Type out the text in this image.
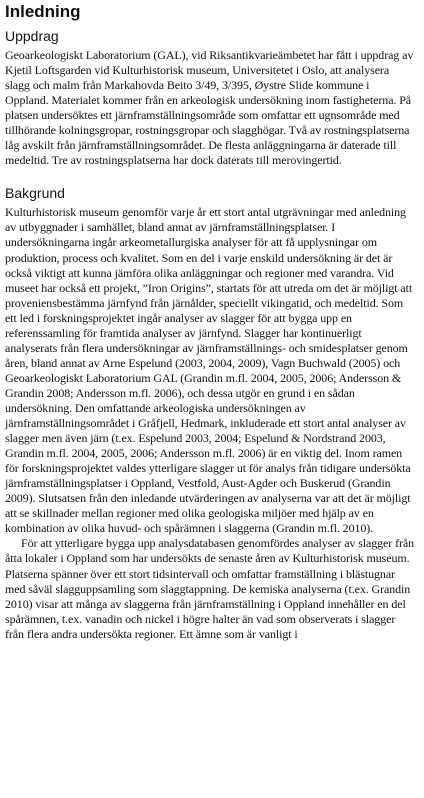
Inledning
Uppdrag

Geoarkeologiskt Laboratorium (GAL), vid Riksantikvarieämbetet har fått i uppdrag av Kjetil Loftsgarden vid Kulturhistorisk museum, Universitetet i Oslo, att analysera slagg och malm från Markahovda Beito 3/49, 3/395, Øystre Slide kommune i Oppland. Materialet kommer från en arkeologisk undersökning inom fastigheterna. På platsen undersöktes ett järnframställningsområde som omfattar ett ugnsområde med tillhörande kolningsgropar, rostningsgropar och slagghögar. Två av rostningsplatserna låg avskilt från järnframställningsområdet. De flesta anläggningarna är daterade till medeltid. Tre av rostningsplatserna har dock daterats till merovingertid.

Bakgrund

Kulturhistorisk museum genomför varje år ett stort antal utgrävningar med anledning av utbyggnader i samhället, bland annat av järnframställningsplatser. I undersökningarna ingår arkeometallurgiska analyser för att få upplysningar om produktion, process och kvalitet. Som en del i varje enskild undersökning är det är också viktigt att kunna jämföra olika anläggningar och regioner med varandra. Vid museet har också ett projekt, ”Iron Origins”, startats för att utreda om det är möjligt att proveniensbestämma järnfynd från järnålder, speciellt vikingatid, och medeltid. Som ett led i forskningsprojektet ingår analyser av slagger för att bygga upp en referenssamling för framtida analyser av järnfynd. Slagger har kontinuerligt analyserats från flera undersökningar av järnframställnings- och smidesplatser genom åren, bland annat av Arne Espelund (2003, 2004, 2009), Vagn Buchwald (2005) och Geoarkeologiskt Laboratorium GAL (Grandin m.fl. 2004, 2005, 2006; Andersson & Grandin 2008; Andersson m.fl. 2006), och dessa utgör en grund i en sådan undersökning. Den omfattande arkeologiska undersökningen av järnframställningsområdet i Gråfjell, Hedmark, inkluderade ett stort antal analyser av slagger men även järn (t.ex. Espelund 2003, 2004; Espelund & Nordstrand 2003, Grandin m.fl. 2004, 2005, 2006; Andersson m.fl. 2006) är en viktig del. Inom ramen för forskningsprojektet valdes ytterligare slagger ut för analys från tidigare undersökta järnframställningsplatser i Oppland, Vestfold, Aust-Agder och Buskerud (Grandin 2009). Slutsatsen från den inledande utvärderingen av analyserna var att det är möjligt att se skillnader mellan regioner med olika geologiska miljöer med hjälp av en kombination av olika huvud- och spårämnen i slaggerna (Grandin m.fl. 2010).

För att ytterligare bygga upp analysdatabasen genomfördes analyser av slagger från åtta lokaler i Oppland som har undersökts de senaste åren av Kulturhistorisk museum. Platserna spänner över ett stort tidsintervall och omfattar framställning i blästugnar med såväl slagguppsamling som slaggtappning. De kemiska analyserna (t.ex. Grandin 2010) visar att många av slaggerna från järnframställning i Oppland innehåller en del spårämnen, t.ex. vanadin och nickel i högre halter än vad som observerats i slagger från flera andra undersökta regioner. Ett ämne som är vanligt i
